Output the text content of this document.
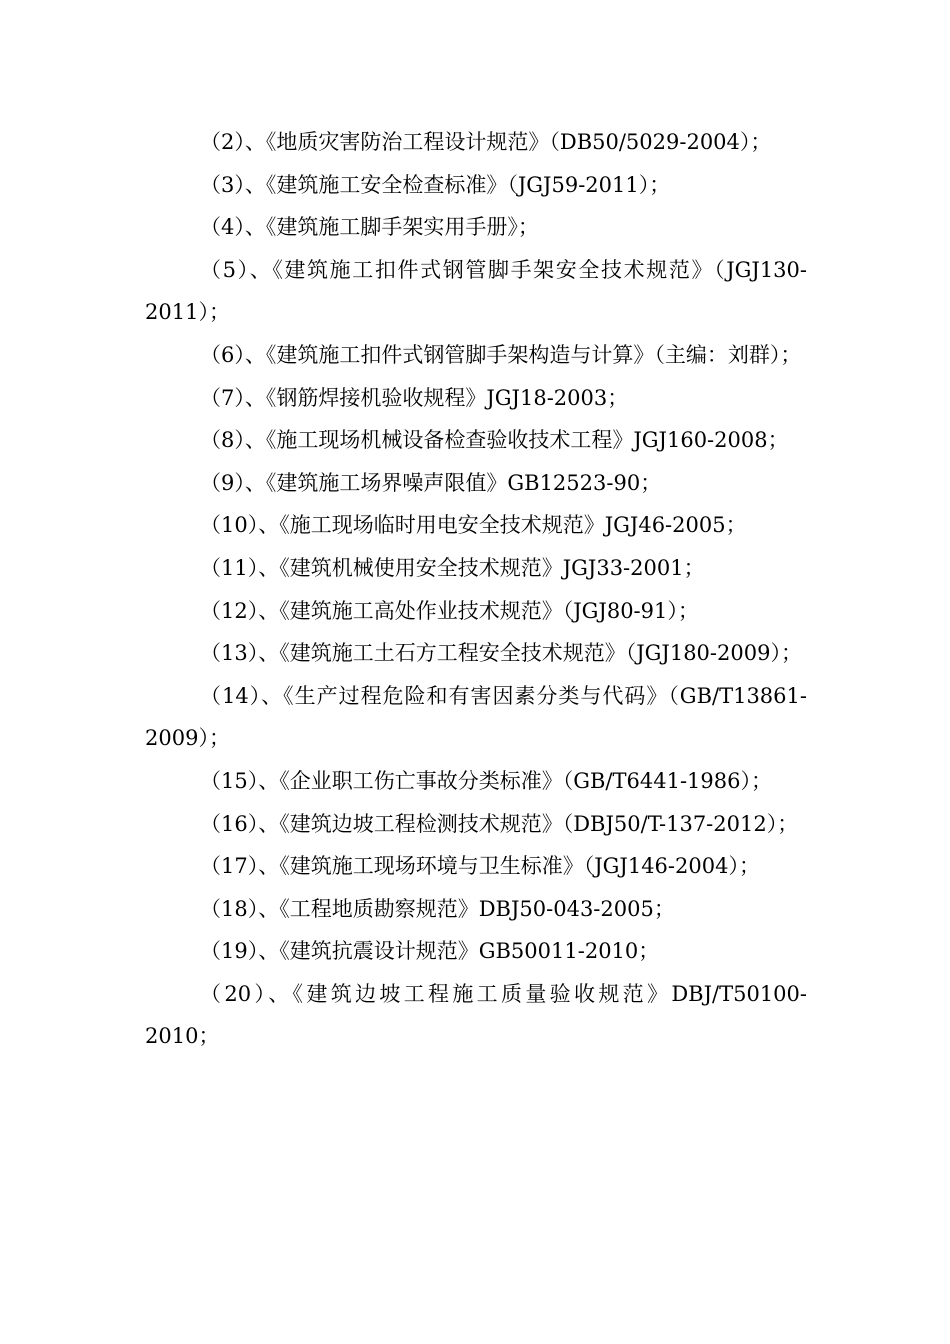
（2）、《地质灾害防治工程设计规范》（DB50/5029-2004）；

（3）、《建筑施工安全检查标准》（JGJ59-2011）；

（4）、《建筑施工脚手架实用手册》；

（5）、《建筑施工扣件式钢管脚手架安全技术规范》（JGJ130-2011）；

（6）、《建筑施工扣件式钢管脚手架构造与计算》（主编：刘群）；

（7）、《钢筋焊接机验收规程》JGJ18-2003；

（8）、《施工现场机械设备检查验收技术工程》JGJ160-2008；

（9）、《建筑施工场界噪声限值》GB12523-90；

（10）、《施工现场临时用电安全技术规范》JGJ46-2005；

（11）、《建筑机械使用安全技术规范》JGJ33-2001；

（12）、《建筑施工高处作业技术规范》（JGJ80-91）；

（13）、《建筑施工土石方工程安全技术规范》（JGJ180-2009）；

（14）、《生产过程危险和有害因素分类与代码》（GB/T13861-2009）；

（15）、《企业职工伤亡事故分类标准》（GB/T6441-1986）；

（16）、《建筑边坡工程检测技术规范》（DBJ50/T-137-2012）；

（17）、《建筑施工现场环境与卫生标准》（JGJ146-2004）；

（18）、《工程地质勘察规范》DBJ50-043-2005；

（19）、《建筑抗震设计规范》GB50011-2010；

（20）、《建筑边坡工程施工质量验收规范》DBJ/T50100-2010；
